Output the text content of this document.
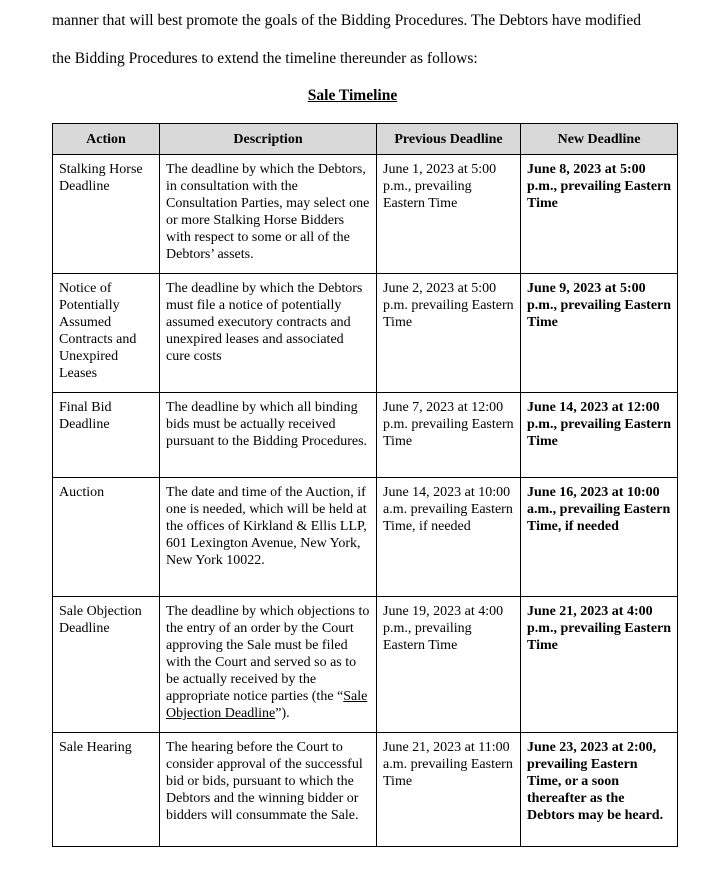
manner that will best promote the goals of the Bidding Procedures. The Debtors have modified
the Bidding Procedures to extend the timeline thereunder as follows:
Sale Timeline
Action	Description	Previous Deadline	New Deadline
Stalking Horse Deadline	The deadline by which the Debtors, in consultation with the Consultation Parties, may select one or more Stalking Horse Bidders with respect to some or all of the Debtors’ assets.	June 1, 2023 at 5:00 p.m., prevailing Eastern Time	June 8, 2023 at 5:00 p.m., prevailing Eastern Time
Notice of Potentially Assumed Contracts and Unexpired Leases	The deadline by which the Debtors must file a notice of potentially assumed executory contracts and unexpired leases and associated cure costs	June 2, 2023 at 5:00 p.m. prevailing Eastern Time	June 9, 2023 at 5:00 p.m., prevailing Eastern Time
Final Bid Deadline	The deadline by which all binding bids must be actually received pursuant to the Bidding Procedures.	June 7, 2023 at 12:00 p.m. prevailing Eastern Time	June 14, 2023 at 12:00 p.m., prevailing Eastern Time
Auction	The date and time of the Auction, if one is needed, which will be held at the offices of Kirkland & Ellis LLP, 601 Lexington Avenue, New York, New York 10022.	June 14, 2023 at 10:00 a.m. prevailing Eastern Time, if needed	June 16, 2023 at 10:00 a.m., prevailing Eastern Time, if needed
Sale Objection Deadline	The deadline by which objections to the entry of an order by the Court approving the Sale must be filed with the Court and served so as to be actually received by the appropriate notice parties (the “Sale Objection Deadline”).	June 19, 2023 at 4:00 p.m., prevailing Eastern Time	June 21, 2023 at 4:00 p.m., prevailing Eastern Time
Sale Hearing	The hearing before the Court to consider approval of the successful bid or bids, pursuant to which the Debtors and the winning bidder or bidders will consummate the Sale.	June 21, 2023 at 11:00 a.m. prevailing Eastern Time	June 23, 2023 at 2:00, prevailing Eastern Time, or a soon thereafter as the Debtors may be heard.
